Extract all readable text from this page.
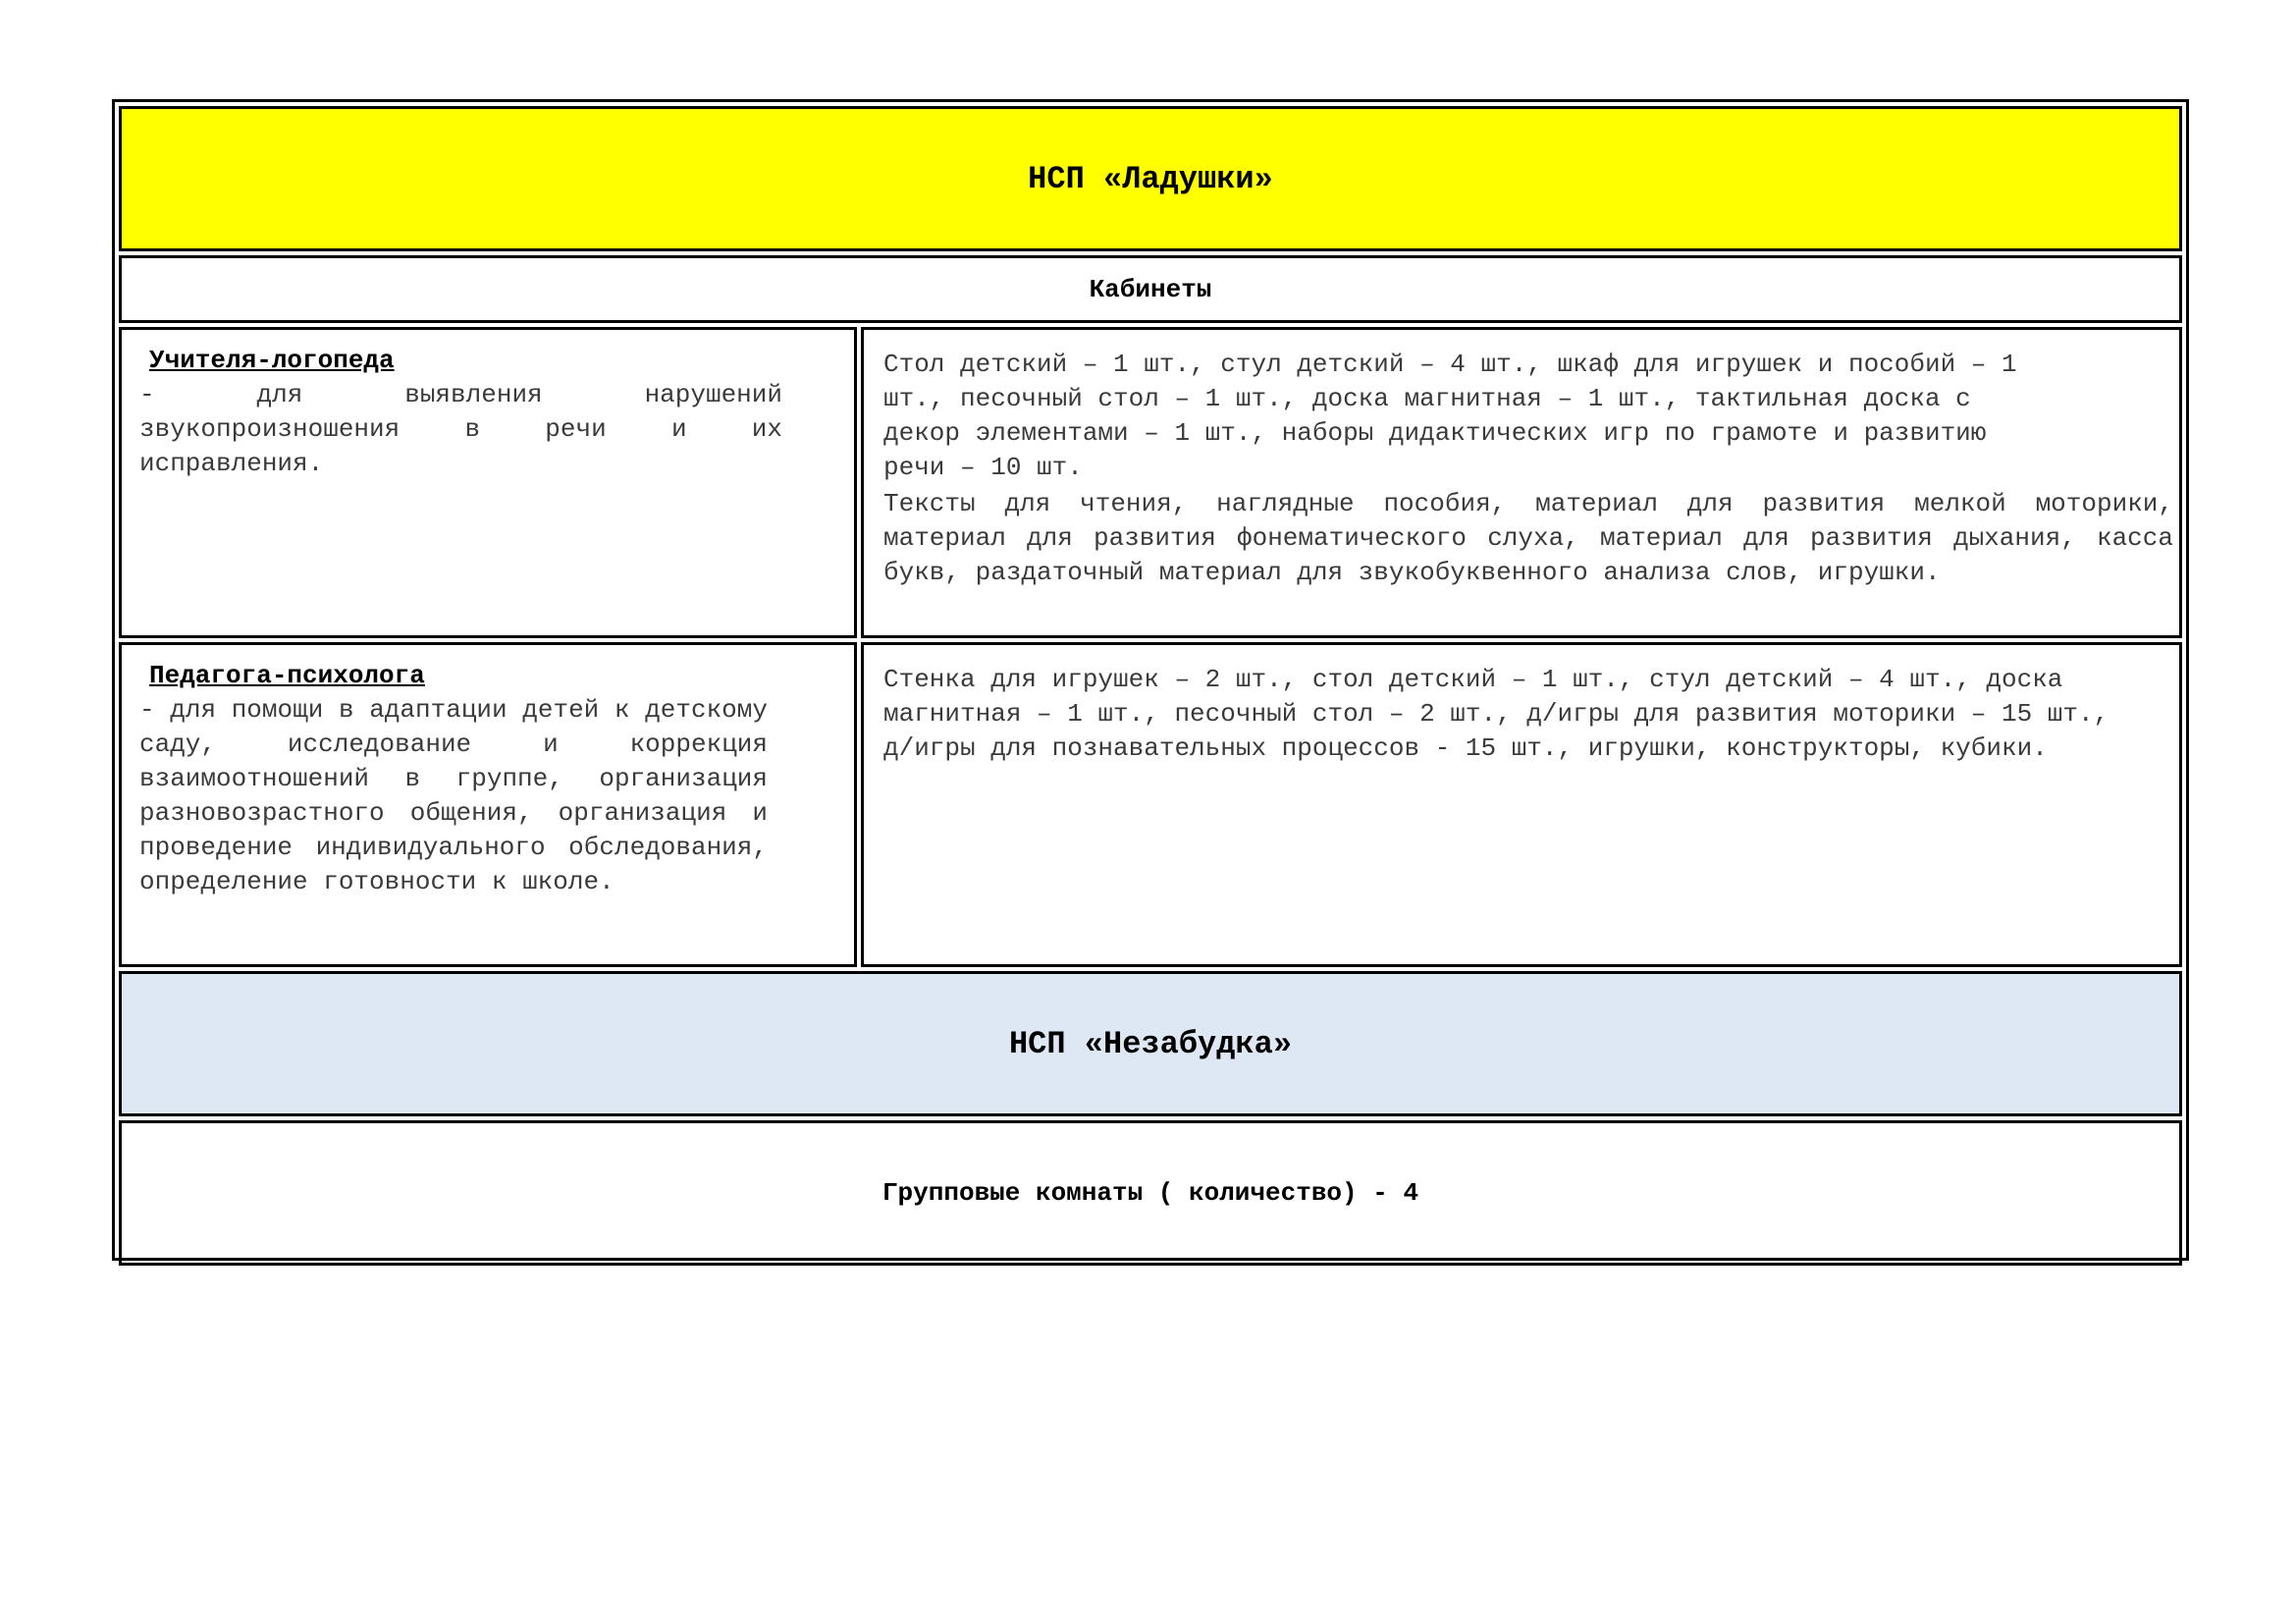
НСП «Ладушки»
Кабинеты
Учителя-логопеда
- для выявления нарушений звукопроизношения в речи и их исправления.

Стол детский – 1 шт., стул детский – 4 шт., шкаф для игрушек и пособий – 1 шт., песочный стол – 1 шт., доска магнитная – 1 шт., тактильная доска с декор элементами – 1 шт., наборы дидактических игр по грамоте и развитию речи – 10 шт.

Тексты для чтения, наглядные пособия, материал для развития мелкой моторики, материал для развития фонематического слуха, материал для развития дыхания, касса букв, раздаточный материал для звукобуквенного анализа слов, игрушки.

Педагога-психолога
- для помощи в адаптации детей к детскому саду, исследование и коррекция взаимоотношений в группе, организация разновозрастного общения, организация и проведение индивидуального обследования, определение готовности к школе.

Стенка для игрушек – 2 шт., стол детский – 1 шт., стул детский – 4 шт., доска магнитная – 1 шт., песочный стол – 2 шт., д/игры для развития моторики – 15 шт., д/игры для познавательных процессов - 15 шт., игрушки, конструкторы, кубики.

НСП «Незабудка»
Групповые комнаты ( количество) - 4
